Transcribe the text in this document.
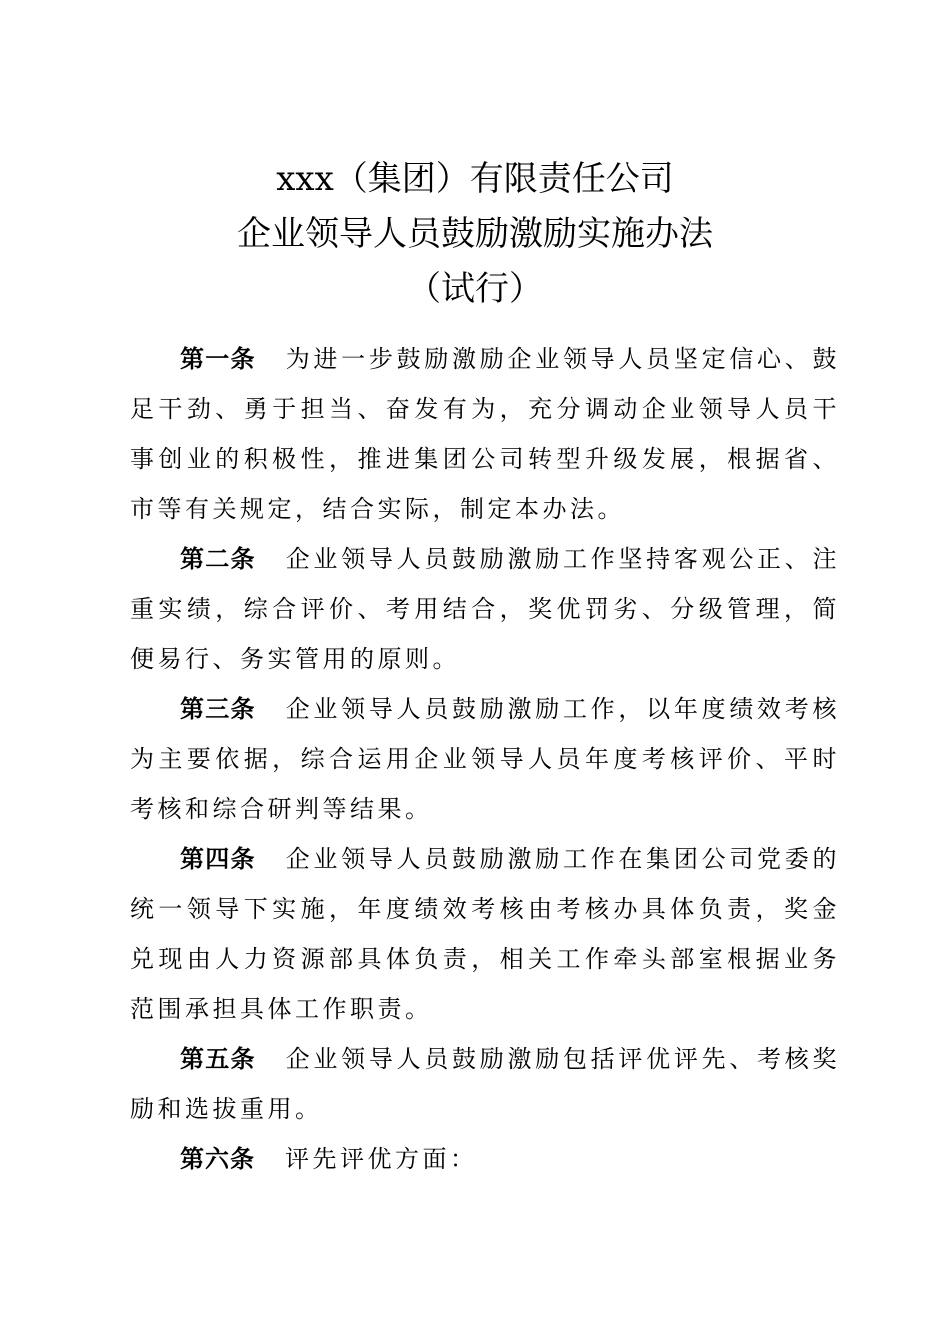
xxx（集团）有限责任公司
企业领导人员鼓励激励实施办法
（试行）

第一条 为进一步鼓励激励企业领导人员坚定信心、鼓足干劲、勇于担当、奋发有为，充分调动企业领导人员干事创业的积极性，推进集团公司转型升级发展，根据省、市等有关规定，结合实际，制定本办法。

第二条 企业领导人员鼓励激励工作坚持客观公正、注重实绩，综合评价、考用结合，奖优罚劣、分级管理，简便易行、务实管用的原则。

第三条 企业领导人员鼓励激励工作，以年度绩效考核为主要依据，综合运用企业领导人员年度考核评价、平时考核和综合研判等结果。

第四条 企业领导人员鼓励激励工作在集团公司党委的统一领导下实施，年度绩效考核由考核办具体负责，奖金兑现由人力资源部具体负责，相关工作牵头部室根据业务范围承担具体工作职责。

第五条 企业领导人员鼓励激励包括评优评先、考核奖励和选拔重用。

第六条 评先评优方面：
